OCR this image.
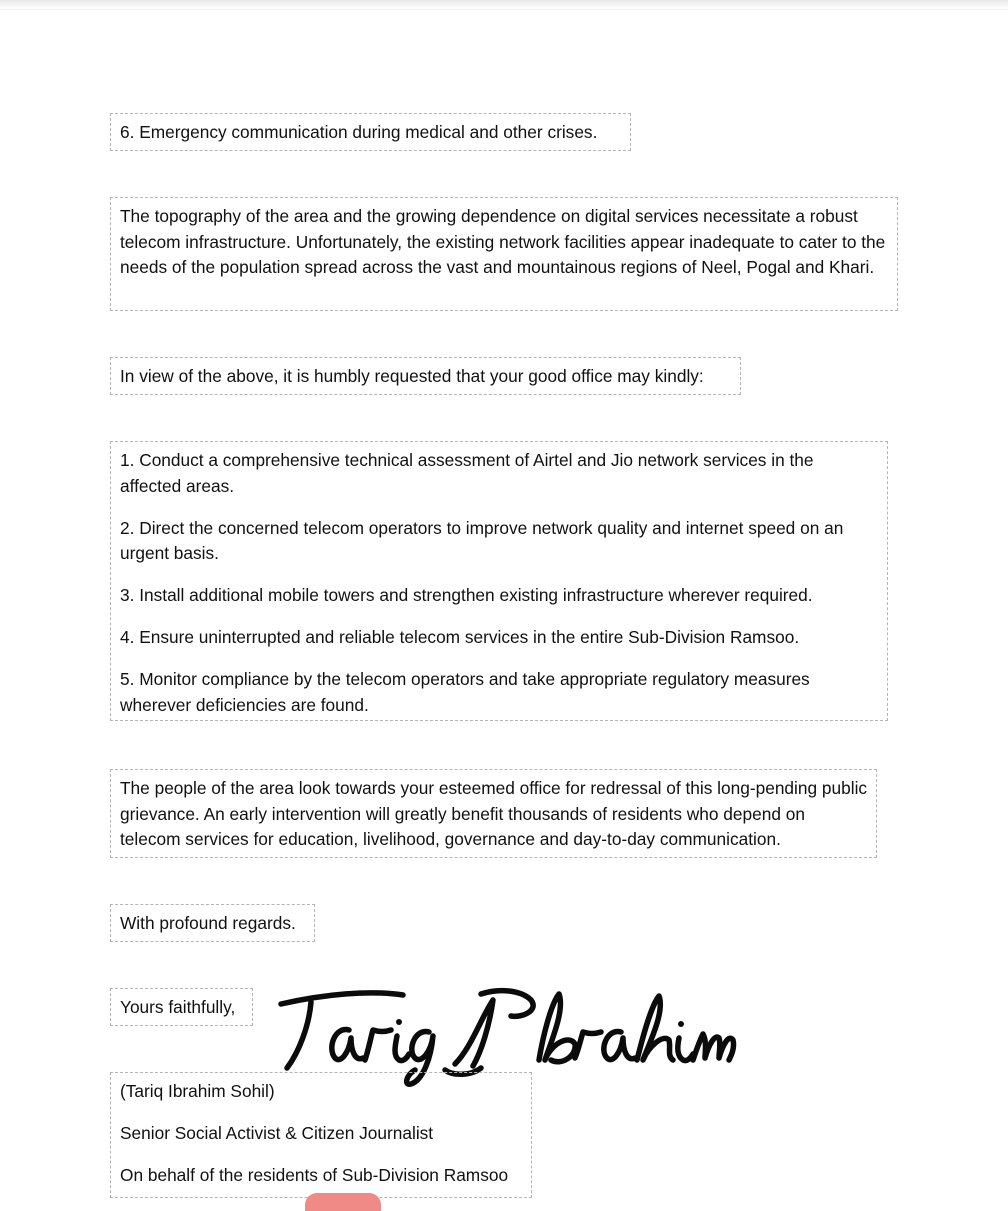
6. Emergency communication during medical and other crises.

The topography of the area and the growing dependence on digital services necessitate a robust telecom infrastructure. Unfortunately, the existing network facilities appear inadequate to cater to the needs of the population spread across the vast and mountainous regions of Neel, Pogal and Khari.

In view of the above, it is humbly requested that your good office may kindly:

1. Conduct a comprehensive technical assessment of Airtel and Jio network services in the affected areas.

2. Direct the concerned telecom operators to improve network quality and internet speed on an urgent basis.

3. Install additional mobile towers and strengthen existing infrastructure wherever required.

4. Ensure uninterrupted and reliable telecom services in the entire Sub-Division Ramsoo.

5. Monitor compliance by the telecom operators and take appropriate regulatory measures wherever deficiencies are found.

The people of the area look towards your esteemed office for redressal of this long-pending public grievance. An early intervention will greatly benefit thousands of residents who depend on telecom services for education, livelihood, governance and day-to-day communication.

With profound regards.

Yours faithfully,

(Tariq Ibrahim Sohil)

Senior Social Activist & Citizen Journalist

On behalf of the residents of Sub-Division Ramsoo
